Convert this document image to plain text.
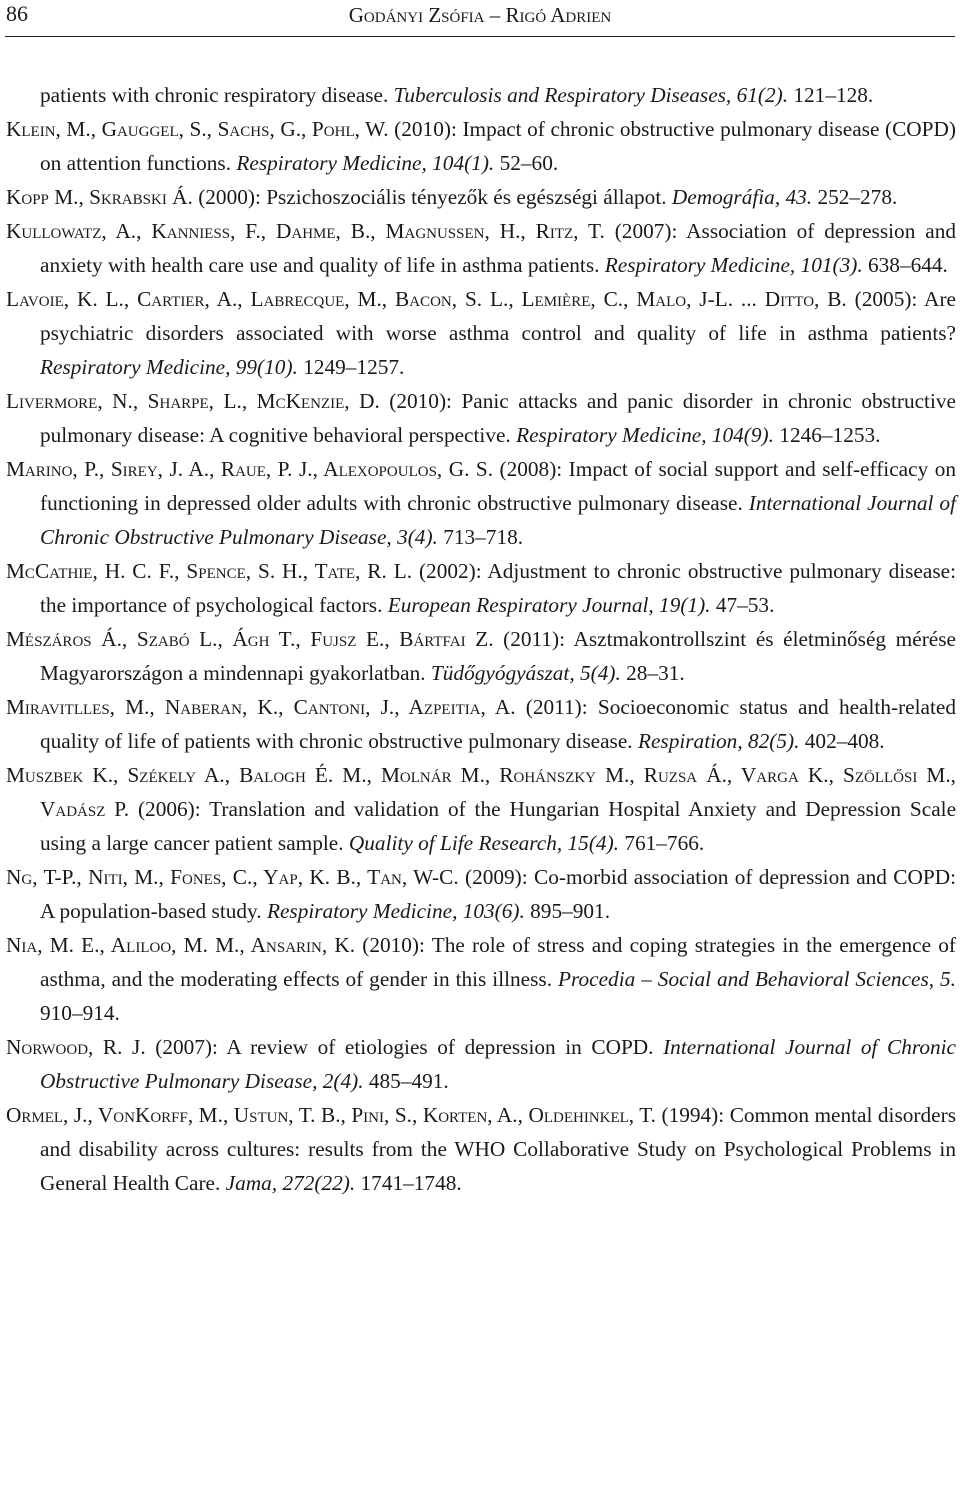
86	Godányi Zsófia – Rigó Adrien
patients with chronic respiratory disease. Tuberculosis and Respiratory Diseases, 61(2). 121–128.
Klein, M., Gauggel, S., Sachs, G., Pohl, W. (2010): Impact of chronic obstructive pulmonary disease (COPD) on attention functions. Respiratory Medicine, 104(1). 52–60.
Kopp M., Skrabski Á. (2000): Pszichoszociális tényezők és egészségi állapot. Demográfia, 43. 252–278.
Kullowatz, A., Kanniess, F., Dahme, B., Magnussen, H., Ritz, T. (2007): Association of depression and anxiety with health care use and quality of life in asthma patients. Respiratory Medicine, 101(3). 638–644.
Lavoie, K. L., Cartier, A., Labrecque, M., Bacon, S. L., Lemière, C., Malo, J-L. ... Ditto, B. (2005): Are psychiatric disorders associated with worse asthma control and quality of life in asthma patients? Respiratory Medicine, 99(10). 1249–1257.
Livermore, N., Sharpe, L., McKenzie, D. (2010): Panic attacks and panic disorder in chronic obstructive pulmonary disease: A cognitive behavioral perspective. Respiratory Medicine, 104(9). 1246–1253.
Marino, P., Sirey, J. A., Raue, P. J., Alexopoulos, G. S. (2008): Impact of social support and self-efficacy on functioning in depressed older adults with chronic obstructive pulmonary disease. International Journal of Chronic Obstructive Pulmonary Disease, 3(4). 713–718.
McCathie, H. C. F., Spence, S. H., Tate, R. L. (2002): Adjustment to chronic obstructive pulmonary disease: the importance of psychological factors. European Respiratory Journal, 19(1). 47–53.
Mészáros Á., Szabó L., Ágh T., Fujsz E., Bártfai Z. (2011): Asztmakontrollszint és életminőség mérése Magyarországon a mindennapi gyakorlatban. Tüdőgyógyászat, 5(4). 28–31.
Miravitlles, M., Naberan, K., Cantoni, J., Azpeitia, A. (2011): Socioeconomic status and health-related quality of life of patients with chronic obstructive pulmonary disease. Respiration, 82(5). 402–408.
Muszbek K., Székely A., Balogh É. M., Molnár M., Rohánszky M., Ruzsa Á., Varga K., Szöllősi M., Vadász P. (2006): Translation and validation of the Hungarian Hospital Anxiety and Depression Scale using a large cancer patient sample. Quality of Life Research, 15(4). 761–766.
Ng, T-P., Niti, M., Fones, C., Yap, K. B., Tan, W-C. (2009): Co-morbid association of depression and COPD: A population-based study. Respiratory Medicine, 103(6). 895–901.
Nia, M. E., Aliloo, M. M., Ansarin, K. (2010): The role of stress and coping strategies in the emergence of asthma, and the moderating effects of gender in this illness. Procedia – Social and Behavioral Sciences, 5. 910–914.
Norwood, R. J. (2007): A review of etiologies of depression in COPD. International Journal of Chronic Obstructive Pulmonary Disease, 2(4). 485–491.
Ormel, J., VonKorff, M., Ustun, T. B., Pini, S., Korten, A., Oldehinkel, T. (1994): Common mental disorders and disability across cultures: results from the WHO Collaborative Study on Psychological Problems in General Health Care. Jama, 272(22). 1741–1748.
